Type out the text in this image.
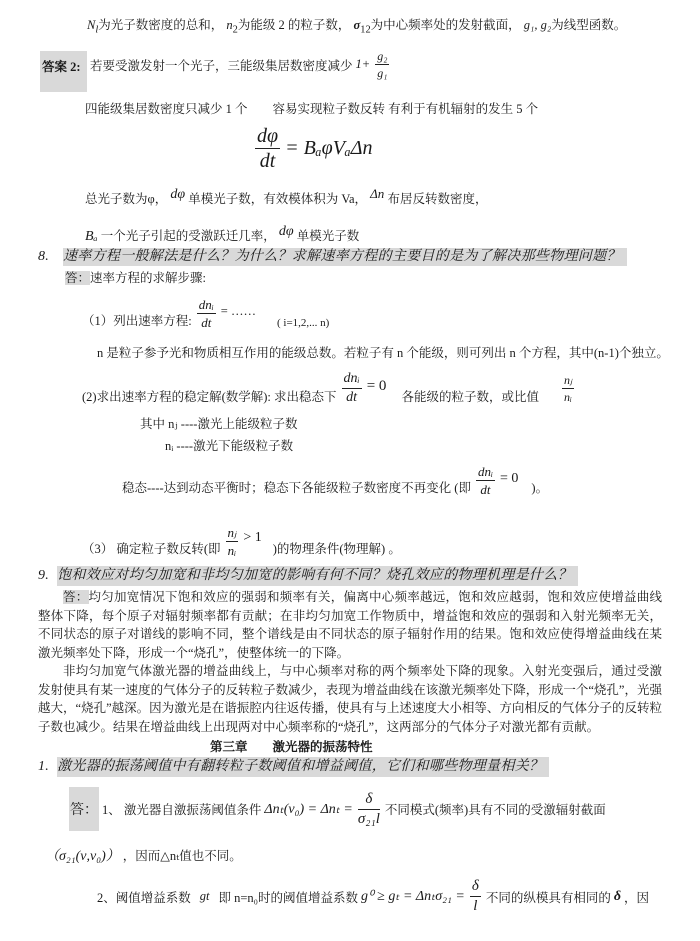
$N_l$为光子数密度的总和， $n_2$为能级 2 的粒子数， $\sigma_{12}$为中心频率处的发射截面， g₁, g₂为线型函数。
答案 2: 若要受激发射一个光子，三能级集居数密度减少 $1+ \frac{\text{g₂}}{\text{g₁}}$
四能级集居数密度只减少 1 个　　容易实现粒子数反转 有利于有机辐射的发生 5 个
$\frac{d\varphi}{dt} = B_a\varphi V_a\Delta n$
总光子数为φ， $^{d\varphi}$ 单模光子数，有效模体积为 Va， $^{\Delta n}$ 布居反转数密度，
Bₐ 一个光子引起的受激跃迁几率， $^{d\varphi}$ 单模光子数
8. 速率方程一般解法是什么？为什么？求解速率方程的主要目的是为了解决那些物理问题？
答：速率方程的求解步骤:
（1）列出速率方程: $\frac{\text{dnᵢ}}{dt}$ = ……
( i=1,2,... n)
n 是粒子参予光和物质相互作用的能级总数。若粒子有 n 个能级，则可列出 n 个方程，其中(n-1)个独立。
(2)求出速率方程的稳定解(数学解): 求出稳态下 $\frac{\text{dnᵢ}}{dt} = 0$
各能级的粒子数，或比值 $\frac{\text{nⱼ}}{\text{nᵢ}}$
其中 nⱼ ----激光上能级粒子数
nᵢ ----激光下能级粒子数
稳态----达到动态平衡时；稳态下各能级粒子数密度不再变化 (即 $\frac{\text{dnᵢ}}{dt} = 0$
)。
（3） 确定粒子数反转(即 $\frac{\text{nⱼ}}{\text{nᵢ}} > 1$
)的物理条件(物理解) 。
9. 饱和效应对均匀加宽和非均匀加宽的影响有何不同？烧孔效应的物理机理是什么？

答：均匀加宽情况下饱和效应的强弱和频率有关，偏离中心频率越远，饱和效应越弱，饱和效应使增益曲线整体下降，每个原子对辐射频率都有贡献；在非均匀加宽工作物质中，增益饱和效应的强弱和入射光频率无关，不同状态的原子对谱线的影响不同，整个谱线是由不同状态的原子辐射作用的结果。饱和效应使得增益曲线在某激光频率处下降，形成一个“烧孔”，使整体统一的下降。

非均匀加宽气体激光器的增益曲线上，与中心频率对称的两个频率处下降的现象。入射光变强后，通过受激发射使具有某一速度的气体分子的反转粒子数减少，表现为增益曲线在该激光频率处下降，形成一个“烧孔”，光强越大，“烧孔”越深。因为激光是在谐振腔内往返传播，使具有与上述速度大小相等、方向相反的气体分子的反转粒子数也减少。结果在增益曲线上出现两对中心频率称的“烧孔”，这两部分的气体分子对激光都有贡献。

第三章　　激光器的振荡特性
1. 激光器的振荡阈值中有翻转粒子数阈值和增益阈值，它们和哪些物理量相关？
答： 1、 激光器自激振荡阈值条件 $\Delta n_t(\nu_0) = \Delta n_t = \frac{\delta}{\text{σ₂₁l}}$ 不同模式(频率)具有不同的受激辐射截面
（σ₂₁(ν,ν₀)） ，因而△nₜ值也不同。
2、阈值增益系数 gt 即 n=n₀时的阈值增益系数 $g^0 \ge g_t = \Delta n_t\sigma_{21} = \frac{\delta}{l}$ 不同的纵模具有相同的 δ ，因
